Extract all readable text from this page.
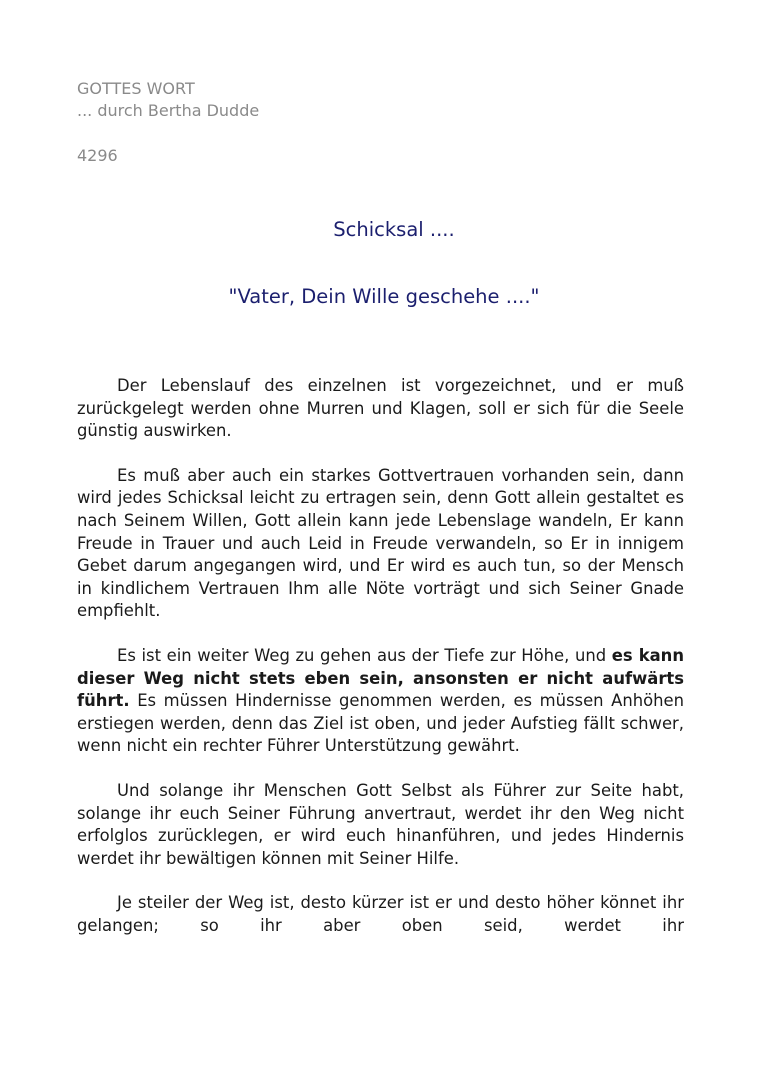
GOTTES WORT
... durch Bertha Dudde
4296
Schicksal ....
"Vater, Dein Wille geschehe ...."

Der Lebenslauf des einzelnen ist vorgezeichnet, und er muß zurückgelegt werden ohne Murren und Klagen, soll er sich für die Seele günstig auswirken.

Es muß aber auch ein starkes Gottvertrauen vorhanden sein, dann wird jedes Schicksal leicht zu ertragen sein, denn Gott allein gestaltet es nach Seinem Willen, Gott allein kann jede Lebenslage wandeln, Er kann Freude in Trauer und auch Leid in Freude verwandeln, so Er in innigem Gebet darum angegangen wird, und Er wird es auch tun, so der Mensch in kindlichem Vertrauen Ihm alle Nöte vorträgt und sich Seiner Gnade empfiehlt.

Es ist ein weiter Weg zu gehen aus der Tiefe zur Höhe, und es kann dieser Weg nicht stets eben sein, ansonsten er nicht aufwärts führt. Es müssen Hindernisse genommen werden, es müssen Anhöhen erstiegen werden, denn das Ziel ist oben, und jeder Aufstieg fällt schwer, wenn nicht ein rechter Führer Unterstützung gewährt.

Und solange ihr Menschen Gott Selbst als Führer zur Seite habt, solange ihr euch Seiner Führung anvertraut, werdet ihr den Weg nicht erfolglos zurücklegen, er wird euch hinanführen, und jedes Hindernis werdet ihr bewältigen können mit Seiner Hilfe.

Je steiler der Weg ist, desto kürzer ist er und desto höher könnet ihr gelangen; so ihr aber oben seid, werdet ihr
